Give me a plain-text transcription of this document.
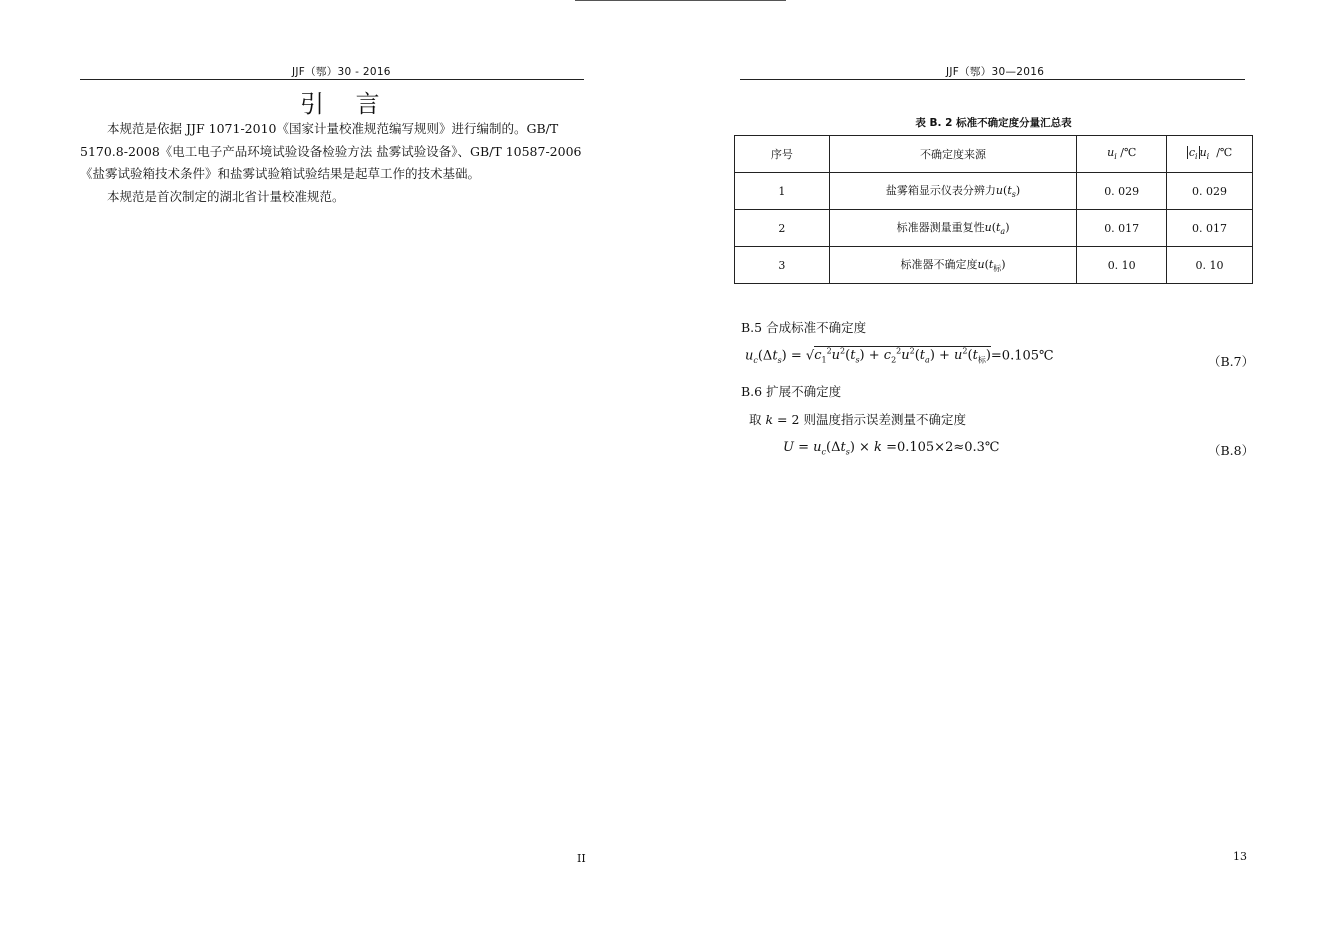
JJF（鄂）30 - 2016
引 言
本规范是依据 JJF 1071-2010《国家计量校准规范编写规则》进行编制的。GB/T 5170.8-2008《电工电子产品环境试验设备检验方法 盐雾试验设备》、GB/T 10587-2006《盐雾试验箱技术条件》和盐雾试验箱试验结果是起草工作的技术基础。
本规范是首次制定的湖北省计量校准规范。
II
JJF（鄂）30—2016
表 B. 2 标准不确定度分量汇总表
序号	不确定度来源	$u_i$ /℃	$c_i$ $u_i$  /℃
1	盐雾箱显示仪表分辨力$u(t_s)$	0. 029	0. 029
2	标准器测量重复性$u(t_a)$	0. 017	0. 017
3	标准器不确定度$u(t_标)$	0. 10	0. 10
B.5 合成标准不确定度
$u_c(\Delta t_s) = √c_1^2u^2(t_s) + c_2^2u^2(t_a)$ + $u^2(t_标)=0.105℃$	（B.7）
B.6 扩展不确定度
取 k = 2 则温度指示误差测量不确定度
$U = u_c(\Delta t_s) \times k$ =0.105×2≈0.3℃	（B.8）
13
